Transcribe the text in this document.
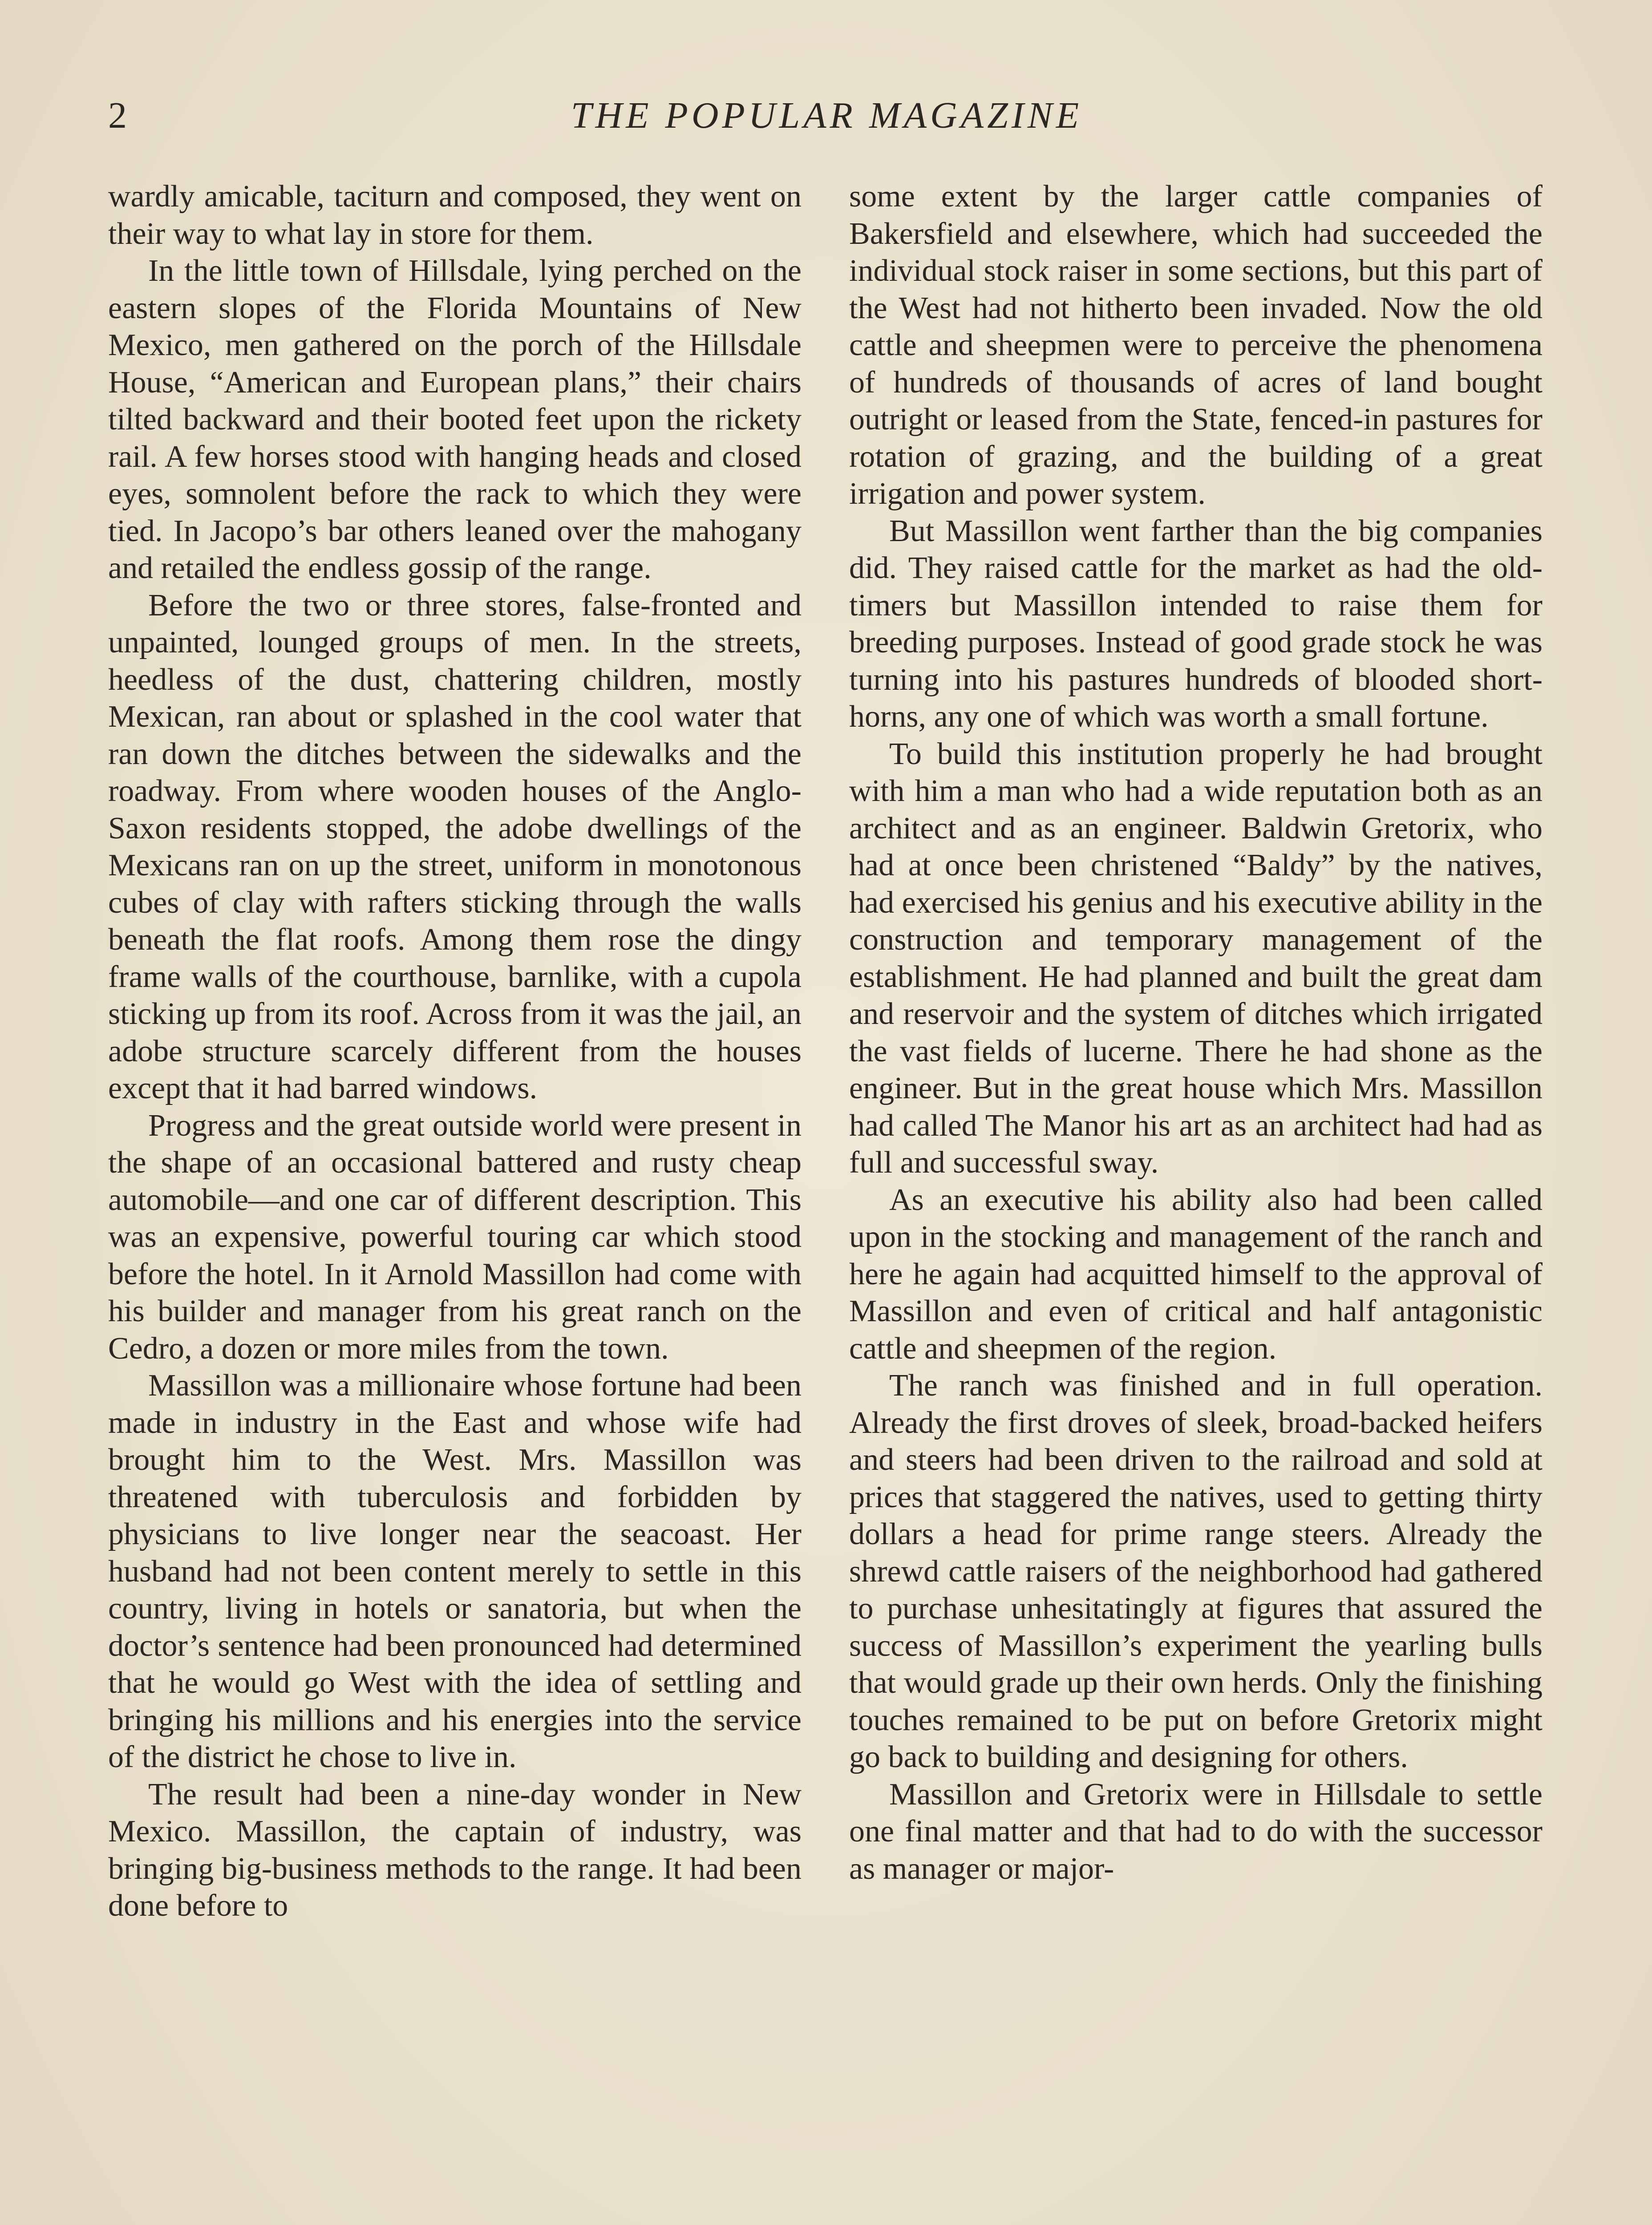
2	THE POPULAR MAGAZINE

wardly amicable, taciturn and composed, they went on their way to what lay in store for them.

In the little town of Hillsdale, lying perched on the eastern slopes of the Florida Mountains of New Mexico, men gathered on the porch of the Hillsdale House, “American and European plans,” their chairs tilted backward and their booted feet upon the rickety rail. A few horses stood with hanging heads and closed eyes, somnolent before the rack to which they were tied. In Jacopo’s bar others leaned over the mahogany and retailed the endless gossip of the range.

Before the two or three stores, false-fronted and unpainted, lounged groups of men. In the streets, heedless of the dust, chattering children, mostly Mexican, ran about or splashed in the cool water that ran down the ditches between the sidewalks and the roadway. From where wooden houses of the Anglo-Saxon residents stopped, the adobe dwellings of the Mexicans ran on up the street, uniform in monotonous cubes of clay with rafters sticking through the walls beneath the flat roofs. Among them rose the dingy frame walls of the courthouse, barnlike, with a cupola sticking up from its roof. Across from it was the jail, an adobe structure scarcely different from the houses except that it had barred windows.

Progress and the great outside world were present in the shape of an occasional battered and rusty cheap automobile—and one car of different description. This was an expensive, powerful touring car which stood before the hotel. In it Arnold Massillon had come with his builder and manager from his great ranch on the Cedro, a dozen or more miles from the town.

Massillon was a millionaire whose fortune had been made in industry in the East and whose wife had brought him to the West. Mrs. Massillon was threatened with tuberculosis and forbidden by physicians to live longer near the seacoast. Her husband had not been content merely to settle in this country, living in hotels or sanatoria, but when the doctor’s sentence had been pronounced had determined that he would go West with the idea of settling and bringing his millions and his energies into the service of the district he chose to live in.

The result had been a nine-day wonder in New Mexico. Massillon, the captain of industry, was bringing big-business methods to the range. It had been done before to

some extent by the larger cattle companies of Bakersfield and elsewhere, which had succeeded the individual stock raiser in some sections, but this part of the West had not hitherto been invaded. Now the old cattle and sheepmen were to perceive the phenomena of hundreds of thousands of acres of land bought outright or leased from the State, fenced-in pastures for rotation of grazing, and the building of a great irrigation and power system.

But Massillon went farther than the big companies did. They raised cattle for the market as had the old-timers but Massillon intended to raise them for breeding purposes. Instead of good grade stock he was turning into his pastures hundreds of blooded shorthorns, any one of which was worth a small fortune.

To build this institution properly he had brought with him a man who had a wide reputation both as an architect and as an engineer. Baldwin Gretorix, who had at once been christened “Baldy” by the natives, had exercised his genius and his executive ability in the construction and temporary management of the establishment. He had planned and built the great dam and reservoir and the system of ditches which irrigated the vast fields of lucerne. There he had shone as the engineer. But in the great house which Mrs. Massillon had called The Manor his art as an architect had had as full and successful sway.

As an executive his ability also had been called upon in the stocking and management of the ranch and here he again had acquitted himself to the approval of Massillon and even of critical and half antagonistic cattle and sheepmen of the region.

The ranch was finished and in full operation. Already the first droves of sleek, broad-backed heifers and steers had been driven to the railroad and sold at prices that staggered the natives, used to getting thirty dollars a head for prime range steers. Already the shrewd cattle raisers of the neighborhood had gathered to purchase unhesitatingly at figures that assured the success of Massillon’s experiment the yearling bulls that would grade up their own herds. Only the finishing touches remained to be put on before Gretorix might go back to building and designing for others.

Massillon and Gretorix were in Hillsdale to settle one final matter and that had to do with the successor as manager or major-
